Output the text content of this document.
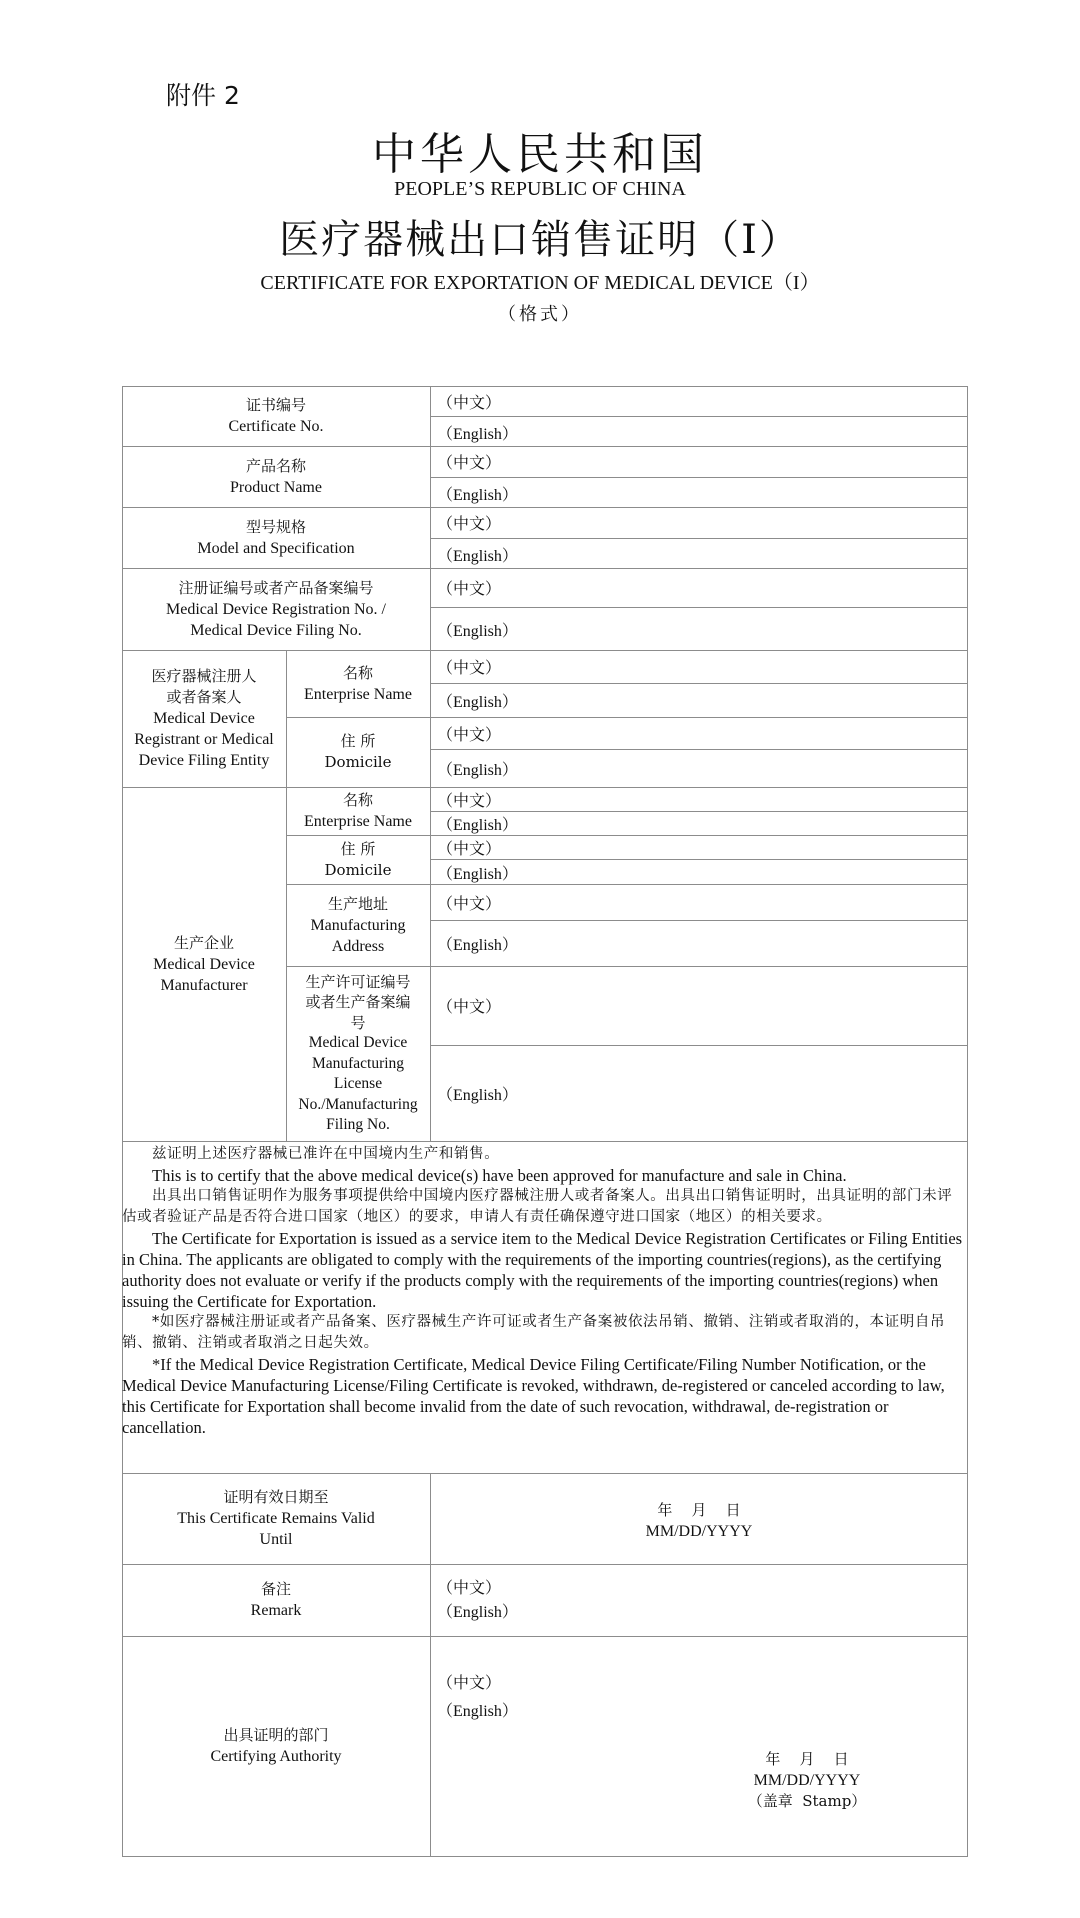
附件 2
中华人民共和国
PEOPLE’S REPUBLIC OF CHINA
医疗器械出口销售证明（I）
CERTIFICATE FOR EXPORTATION OF MEDICAL DEVICE（I）
（格式）
证书编号
Certificate No.
（中文）
（English）
产品名称
Product Name
（中文）
（English）
型号规格
Model and Specification
（中文）
（English）
注册证编号或者产品备案编号
Medical Device Registration No. /
Medical Device Filing No.
（中文）
（English）
医疗器械注册人
或者备案人
Medical Device
Registrant or Medical
Device Filing Entity
名称
Enterprise Name
住 所
Domicile
（中文）
（English）
（中文）
（English）
生产企业
Medical Device
Manufacturer
名称
Enterprise Name
住 所
Domicile
生产地址
Manufacturing
Address
生产许可证编号
或者生产备案编
号
Medical Device
Manufacturing
License
No./Manufacturing
Filing No.
（中文）
（English）
（中文）
（English）
（中文）
（English）
（中文）
（English）
兹证明上述医疗器械已准许在中国境内生产和销售。
This is to certify that the above medical device(s) have been approved for manufacture and sale in China.
出具出口销售证明作为服务事项提供给中国境内医疗器械注册人或者备案人。出具出口销售证明时，出具证明的部门未评估或者验证产品是否符合进口国家（地区）的要求，申请人有责任确保遵守进口国家（地区）的相关要求。
The Certificate for Exportation is issued as a service item to the Medical Device Registration Certificates or Filing Entities in China. The applicants are obligated to comply with the requirements of the importing countries(regions), as the certifying authority does not evaluate or verify if the products comply with the requirements of the importing countries(regions) when issuing the Certificate for Exportation.
*如医疗器械注册证或者产品备案、医疗器械生产许可证或者生产备案被依法吊销、撤销、注销或者取消的，本证明自吊销、撤销、注销或者取消之日起失效。
*If the Medical Device Registration Certificate, Medical Device Filing Certificate/Filing Number Notification, or the Medical Device Manufacturing License/Filing Certificate is revoked, withdrawn, de-registered or canceled according to law, this Certificate for Exportation shall become invalid from the date of such revocation, withdrawal, de-registration or cancellation.
证明有效日期至
This Certificate Remains Valid
Until
年    月    日
MM/DD/YYYY
备注
Remark
（中文）
（English）
出具证明的部门
Certifying Authority
（中文）
（English）
年    月    日
MM/DD/YYYY
（盖章  Stamp）
